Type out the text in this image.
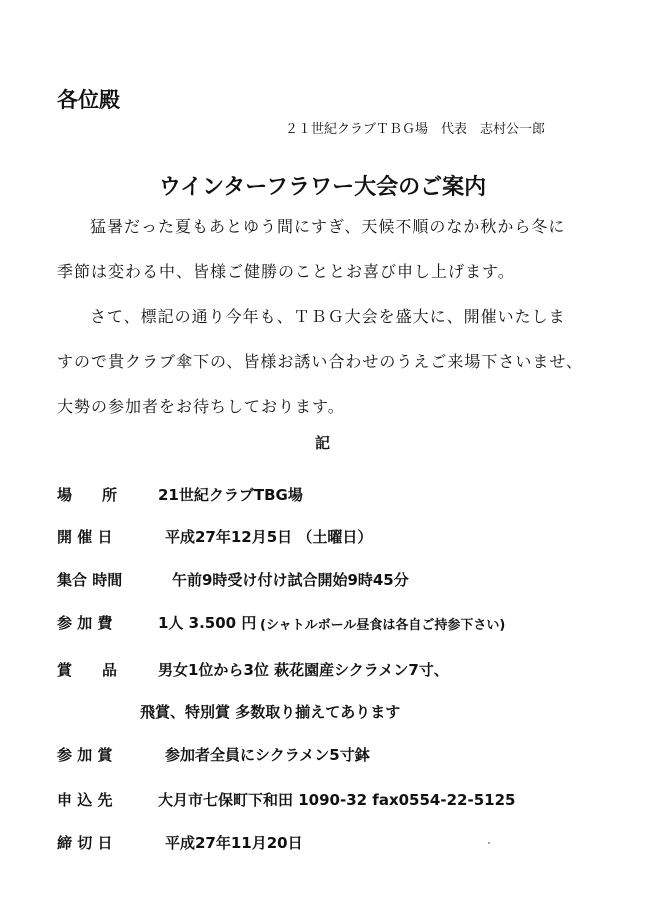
各位殿
２１世紀クラブＴＢＧ場　代表　志村公一郎
ウインターフラワー大会のご案内
猛暑だった夏もあとゆう間にすぎ、天候不順のなか秋から冬に
季節は変わる中、皆様ご健勝のこととお喜び申し上げます。
さて、標記の通り今年も、ＴＢＧ大会を盛大に、開催いたしま
すので貴クラブ傘下の、皆様お誘い合わせのうえご来場下さいませ、
大勢の参加者をお待ちしております。
記
場　　所	21世紀クラブTBG場
開 催 日	平成27年12月5日 （土曜日）
集合 時間	午前9時受け付け試合開始9時45分
参 加 費	1人 3.500 円 (シャトルボール昼食は各自ご持参下さい)
賞　　品	男女1位から3位 萩花園産シクラメン7寸、
飛賞、特別賞 多数取り揃えてあります
参 加 賞	参加者全員にシクラメン5寸鉢
申 込 先	大月市七保町下和田 1090-32 fax0554-22-5125
締 切 日	平成27年11月20日
